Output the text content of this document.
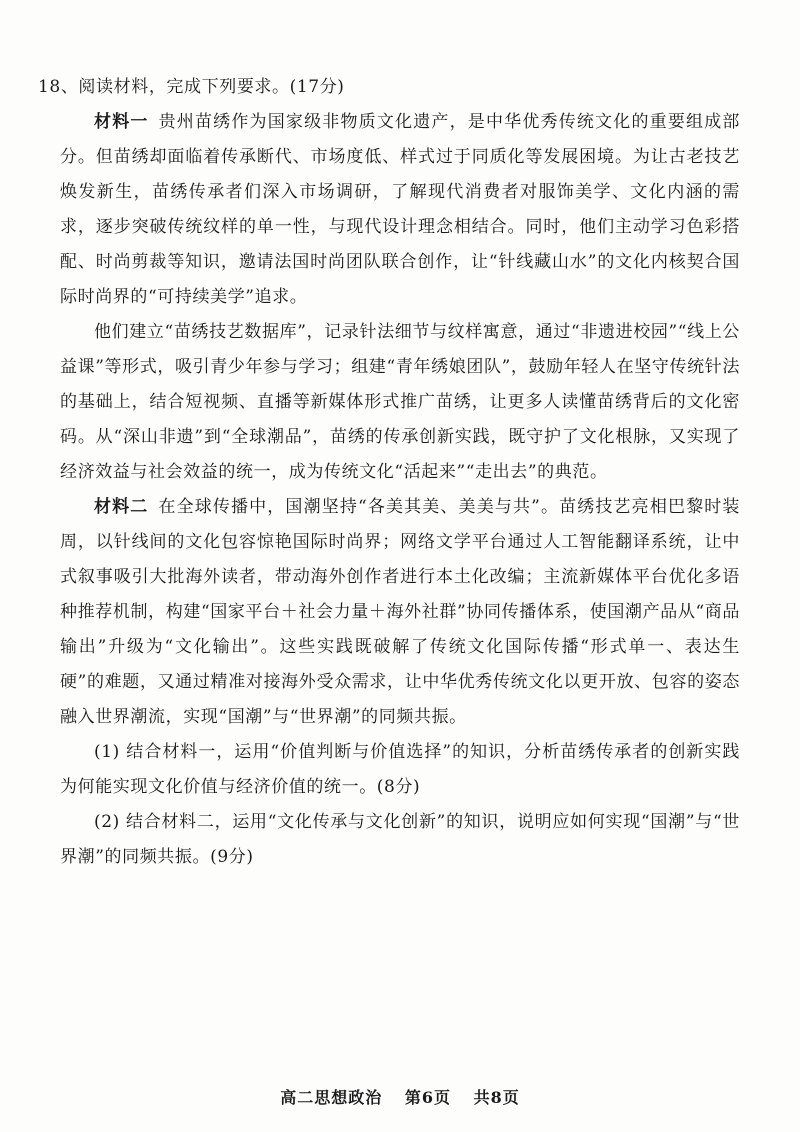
18、阅读材料，完成下列要求。(17分)

材料一 贵州苗绣作为国家级非物质文化遗产，是中华优秀传统文化的重要组成部分。但苗绣却面临着传承断代、市场度低、样式过于同质化等发展困境。为让古老技艺焕发新生，苗绣传承者们深入市场调研，了解现代消费者对服饰美学、文化内涵的需求，逐步突破传统纹样的单一性，与现代设计理念相结合。同时，他们主动学习色彩搭配、时尚剪裁等知识，邀请法国时尚团队联合创作，让“针线藏山水”的文化内核契合国际时尚界的“可持续美学”追求。

他们建立“苗绣技艺数据库”，记录针法细节与纹样寓意，通过“非遗进校园”“线上公益课”等形式，吸引青少年参与学习；组建“青年绣娘团队”，鼓励年轻人在坚守传统针法的基础上，结合短视频、直播等新媒体形式推广苗绣，让更多人读懂苗绣背后的文化密码。从“深山非遗”到“全球潮品”，苗绣的传承创新实践，既守护了文化根脉，又实现了经济效益与社会效益的统一，成为传统文化“活起来”“走出去”的典范。

材料二 在全球传播中，国潮坚持“各美其美、美美与共”。苗绣技艺亮相巴黎时装周，以针线间的文化包容惊艳国际时尚界；网络文学平台通过人工智能翻译系统，让中式叙事吸引大批海外读者，带动海外创作者进行本土化改编；主流新媒体平台优化多语种推荐机制，构建“国家平台＋社会力量＋海外社群”协同传播体系，使国潮产品从“商品输出”升级为“文化输出”。这些实践既破解了传统文化国际传播“形式单一、表达生硬”的难题，又通过精准对接海外受众需求，让中华优秀传统文化以更开放、包容的姿态融入世界潮流，实现“国潮”与“世界潮”的同频共振。

(1) 结合材料一，运用“价值判断与价值选择”的知识，分析苗绣传承者的创新实践为何能实现文化价值与经济价值的统一。(8分)

(2) 结合材料二，运用“文化传承与文化创新”的知识，说明应如何实现“国潮”与“世界潮”的同频共振。(9分)

高二思想政治 第6页 共8页
